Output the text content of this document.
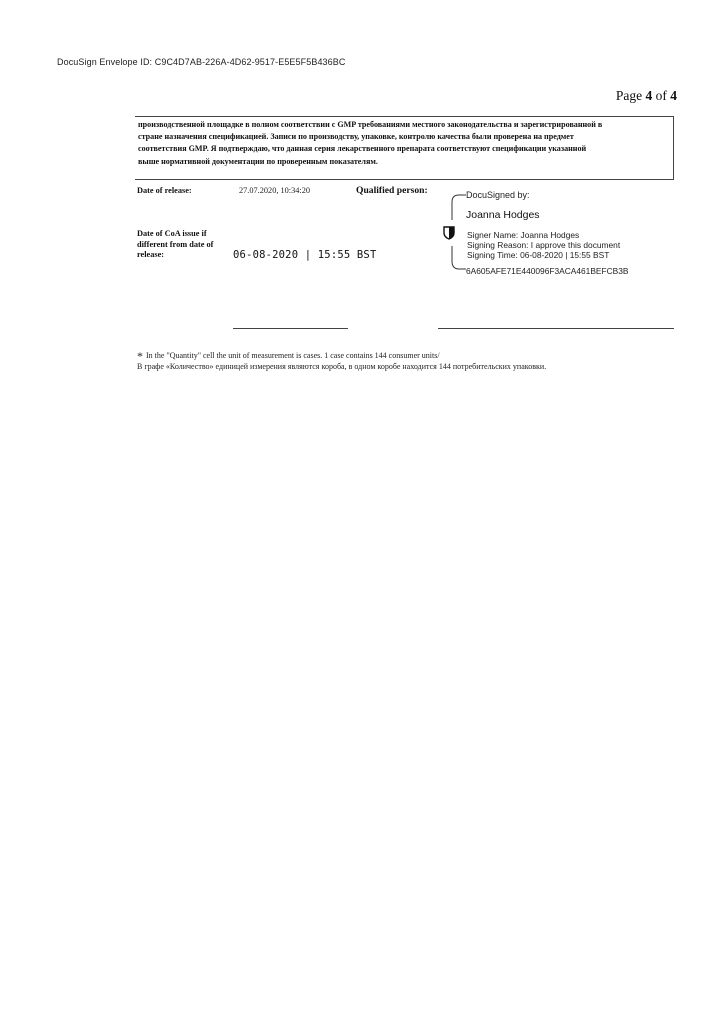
DocuSign Envelope ID: C9C4D7AB-226A-4D62-9517-E5E5F5B436BC
Page 4 of 4
производственной площадке в полном соответствии с GMP требованиями местного законодательства и зарегистрированной в
стране назначения спецификацией. Записи по производству, упаковке, контролю качества были проверена на предмет
соответствия GMP. Я подтверждаю, что данная серия лекарственного препарата соответствуют спецификации указанной
выше нормативной документации по проверенным показателям.
Date of release:	27.07.2020, 10:34:20	Qualified person:
Date of CoA issue if
different from date of
release:	06-08-2020 | 15:55 BST
DocuSigned by:
Joanna Hodges
Signer Name: Joanna Hodges
Signing Reason: I approve this document
Signing Time: 06-08-2020 | 15:55 BST
6A605AFE71E440096F3ACA461BEFCB3B
* In the "Quantity" cell the unit of measurement is cases. 1 case contains 144 consumer units/
В графе «Количество» единицей измерения являются короба, в одном коробе находится 144 потребительских упаковки.
